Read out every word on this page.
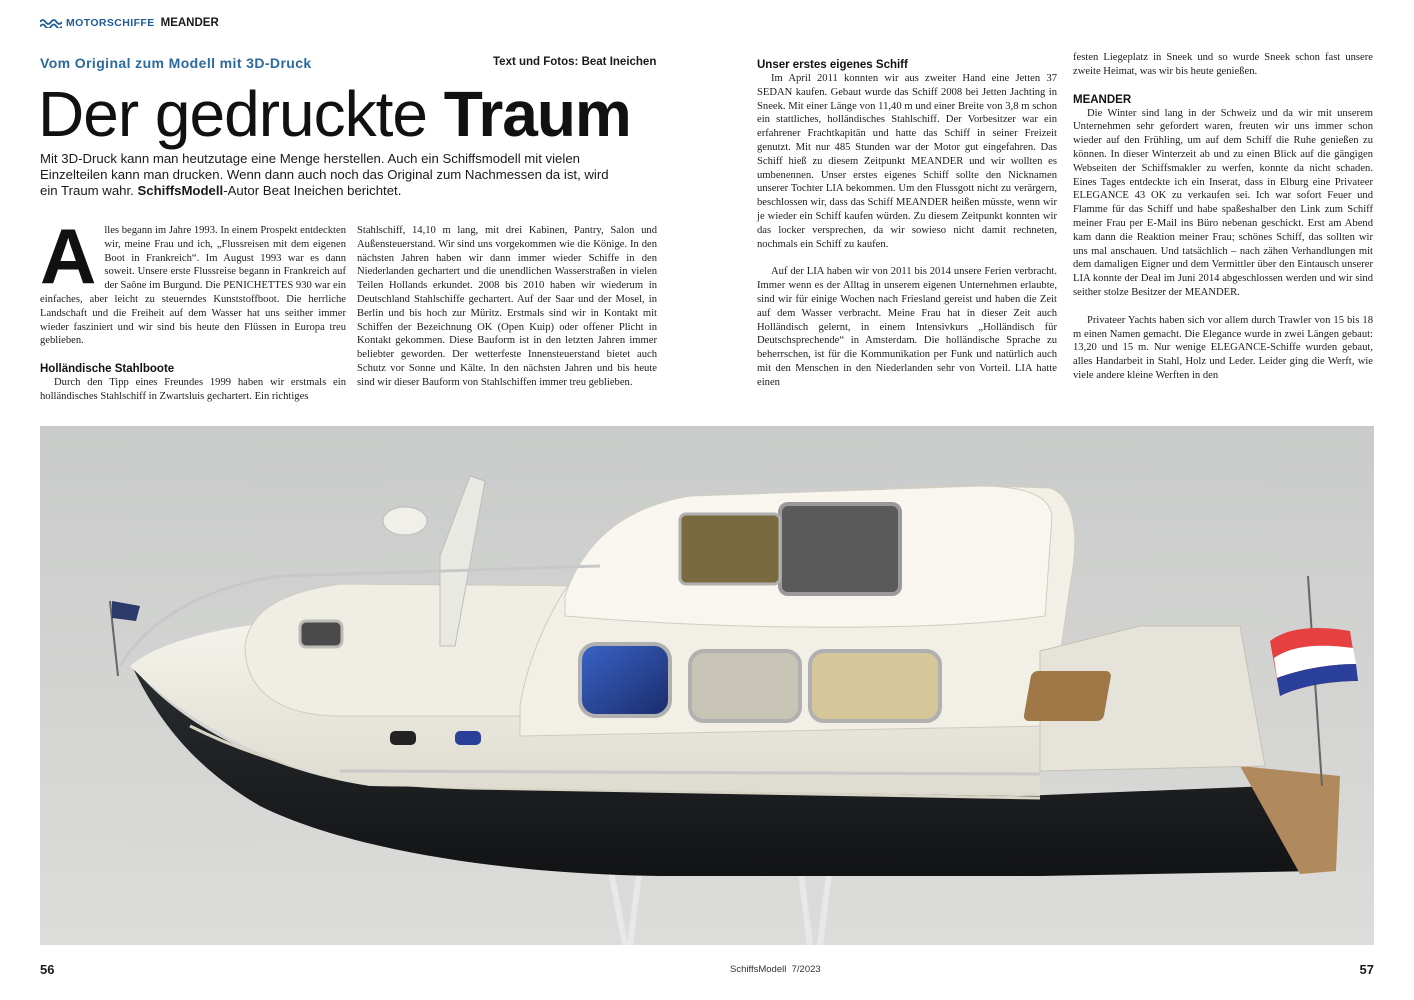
MOTORSCHIFFE MEANDER
Vom Original zum Modell mit 3D-Druck	Text und Fotos: Beat Ineichen
Der gedruckte Traum
Mit 3D-Druck kann man heutzutage eine Menge herstellen. Auch ein Schiffsmodell mit vielen Einzelteilen kann man drucken. Wenn dann auch noch das Original zum Nachmessen da ist, wird ein Traum wahr. SchiffsModell-Autor Beat Ineichen berichtet.
A lles begann im Jahre 1993. In einem Prospekt entdeckten wir, meine Frau und ich, „Flussreisen mit dem eigenen Boot in Frankreich“. Im August 1993 war es dann soweit. Unsere erste Flussreise begann in Frankreich auf der Saône im Burgund. Die PENICHETTES 930 war ein einfaches, aber leicht zu steuerndes Kunststoffboot. Die herrliche Landschaft und die Freiheit auf dem Wasser hat uns seither immer wieder fasziniert und wir sind bis heute den Flüssen in Europa treu geblieben.

Holländische Stahlboote

Durch den Tipp eines Freundes 1999 haben wir erstmals ein holländisches Stahlschiff in Zwartsluis gechartert. Ein richtiges

Stahlschiff, 14,10 m lang, mit drei Kabinen, Pantry, Salon und Außensteuerstand. Wir sind uns vorgekommen wie die Könige. In den nächsten Jahren haben wir dann immer wieder Schiffe in den Niederlanden gechartert und die unendlichen Wasserstraßen in vielen Teilen Hollands erkundet. 2008 bis 2010 haben wir wiederum in Deutschland Stahlschiffe gechartert. Auf der Saar und der Mosel, in Berlin und bis hoch zur Müritz. Erstmals sind wir in Kontakt mit Schiffen der Bezeichnung OK (Open Kuip) oder offener Plicht in Kontakt gekommen. Diese Bauform ist in den letzten Jahren immer beliebter geworden. Der wetterfeste Innensteuerstand bietet auch Schutz vor Sonne und Kälte. In den nächsten Jahren und bis heute sind wir dieser Bauform von Stahlschiffen immer treu geblieben.

Unser erstes eigenes Schiff

Im April 2011 konnten wir aus zweiter Hand eine Jetten 37 SEDAN kaufen. Gebaut wurde das Schiff 2008 bei Jetten Jachting in Sneek. Mit einer Länge von 11,40 m und einer Breite von 3,8 m schon ein stattliches, holländisches Stahlschiff. Der Vorbesitzer war ein erfahrener Frachtkapitän und hatte das Schiff in seiner Freizeit genutzt. Mit nur 485 Stunden war der Motor gut eingefahren. Das Schiff hieß zu diesem Zeitpunkt MEANDER und wir wollten es umbenennen. Unser erstes eigenes Schiff sollte den Nicknamen unserer Tochter LIA bekommen. Um den Flussgott nicht zu verärgern, beschlossen wir, dass das Schiff MEANDER heißen müsste, wenn wir je wieder ein Schiff kaufen würden. Zu diesem Zeitpunkt konnten wir das locker versprechen, da wir sowieso nicht damit rechneten, nochmals ein Schiff zu kaufen.

Auf der LIA haben wir von 2011 bis 2014 unsere Ferien verbracht. Immer wenn es der Alltag in unserem eigenen Unternehmen erlaubte, sind wir für einige Wochen nach Friesland gereist und haben die Zeit auf dem Wasser verbracht. Meine Frau hat in dieser Zeit auch Holländisch gelernt, in einem Intensivkurs „Holländisch für Deutschsprechende“ in Amsterdam. Die holländische Sprache zu beherrschen, ist für die Kommunikation per Funk und natürlich auch mit den Menschen in den Niederlanden sehr von Vorteil. LIA hatte einen

festen Liegeplatz in Sneek und so wurde Sneek schon fast unsere zweite Heimat, was wir bis heute genießen.

MEANDER

Die Winter sind lang in der Schweiz und da wir mit unserem Unternehmen sehr gefordert waren, freuten wir uns immer schon wieder auf den Frühling, um auf dem Schiff die Ruhe genießen zu können. In dieser Winterzeit ab und zu einen Blick auf die gängigen Webseiten der Schiffsmakler zu werfen, konnte da nicht schaden. Eines Tages entdeckte ich ein Inserat, dass in Elburg eine Privateer ELEGANCE 43 OK zu verkaufen sei. Ich war sofort Feuer und Flamme für das Schiff und habe spaßeshalber den Link zum Schiff meiner Frau per E-Mail ins Büro nebenan geschickt. Erst am Abend kam dann die Reaktion meiner Frau; schönes Schiff, das sollten wir uns mal anschauen. Und tatsächlich – nach zähen Verhandlungen mit dem damaligen Eigner und dem Vermittler über den Eintausch unserer LIA konnte der Deal im Juni 2014 abgeschlossen werden und wir sind seither stolze Besitzer der MEANDER.

Privateer Yachts haben sich vor allem durch Trawler von 15 bis 18 m einen Namen gemacht. Die Elegance wurde in zwei Längen gebaut: 13,20 und 15 m. Nur wenige ELEGANCE-Schiffe wurden gebaut, alles Handarbeit in Stahl, Holz und Leder. Leider ging die Werft, wie viele andere kleine Werften in den

56	SchiffsModell 7/2023	57
